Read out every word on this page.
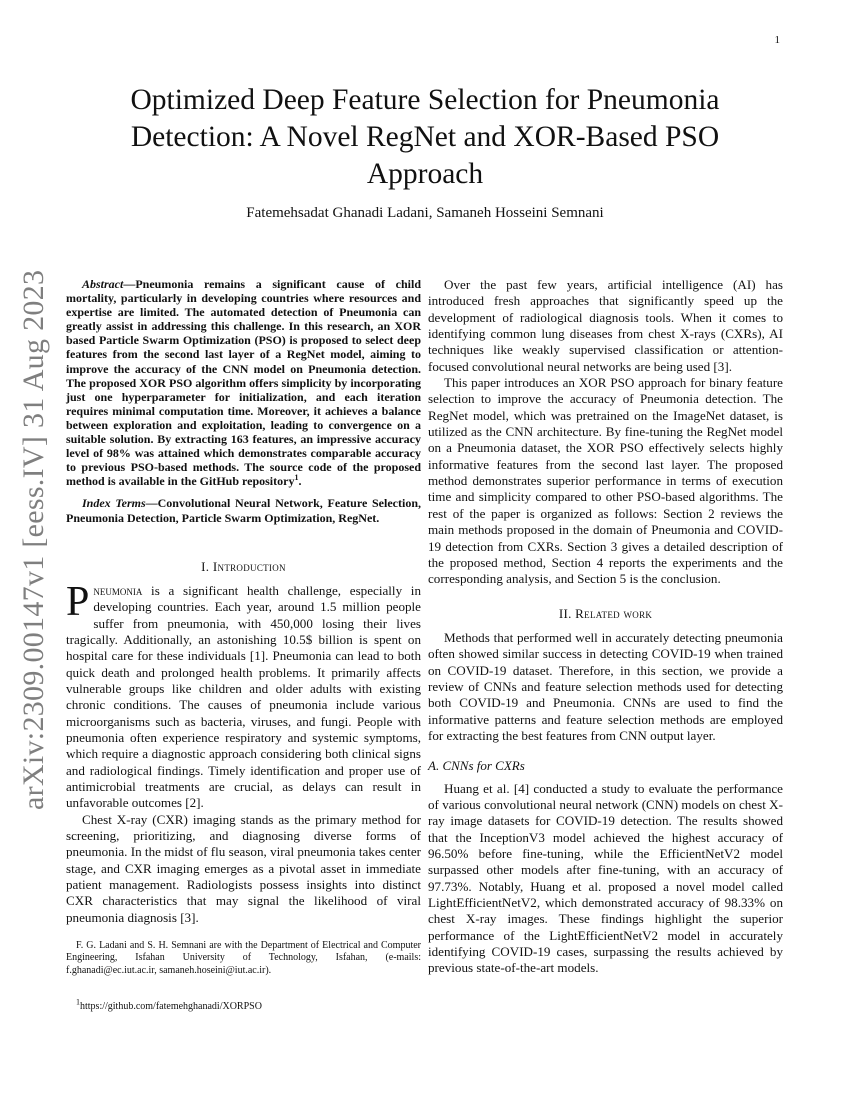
1
arXiv:2309.00147v1 [eess.IV] 31 Aug 2023
Optimized Deep Feature Selection for Pneumonia Detection: A Novel RegNet and XOR-Based PSO Approach
Fatemehsadat Ghanadi Ladani, Samaneh Hosseini Semnani

Abstract—Pneumonia remains a significant cause of child mortality, particularly in developing countries where resources and expertise are limited. The automated detection of Pneumonia can greatly assist in addressing this challenge. In this research, an XOR based Particle Swarm Optimization (PSO) is proposed to select deep features from the second last layer of a RegNet model, aiming to improve the accuracy of the CNN model on Pneumonia detection. The proposed XOR PSO algorithm offers simplicity by incorporating just one hyperparameter for initialization, and each iteration requires minimal computation time. Moreover, it achieves a balance between exploration and exploitation, leading to convergence on a suitable solution. By extracting 163 features, an impressive accuracy level of 98% was attained which demonstrates comparable accuracy to previous PSO-based methods. The source code of the proposed method is available in the GitHub repository$^1$.

Index Terms—Convolutional Neural Network, Feature Selection, Pneumonia Detection, Particle Swarm Optimization, RegNet.

I. Introduction

Pneumonia is a significant health challenge, especially in developing countries. Each year, around 1.5 million people suffer from pneumonia, with 450,000 losing their lives tragically. Additionally, an astonishing 10.5$ billion is spent on hospital care for these individuals [1]. Pneumonia can lead to both quick death and prolonged health problems. It primarily affects vulnerable groups like children and older adults with existing chronic conditions. The causes of pneumonia include various microorganisms such as bacteria, viruses, and fungi. People with pneumonia often experience respiratory and systemic symptoms, which require a diagnostic approach considering both clinical signs and radiological findings. Timely identification and proper use of antimicrobial treatments are crucial, as delays can result in unfavorable outcomes [2].

Chest X-ray (CXR) imaging stands as the primary method for screening, prioritizing, and diagnosing diverse forms of pneumonia. In the midst of flu season, viral pneumonia takes center stage, and CXR imaging emerges as a pivotal asset in immediate patient management. Radiologists possess insights into distinct CXR characteristics that may signal the likelihood of viral pneumonia diagnosis [3].

F. G. Ladani and S. H. Semnani are with the Department of Electrical and Computer Engineering, Isfahan University of Technology, Isfahan, (e-mails: f.ghanadi@ec.iut.ac.ir, samaneh.hoseini@iut.ac.ir).

$^1$https://github.com/fatemehghanadi/XORPSO

Over the past few years, artificial intelligence (AI) has introduced fresh approaches that significantly speed up the development of radiological diagnosis tools. When it comes to identifying common lung diseases from chest X-rays (CXRs), AI techniques like weakly supervised classification or attention-focused convolutional neural networks are being used [3].

This paper introduces an XOR PSO approach for binary feature selection to improve the accuracy of Pneumonia detection. The RegNet model, which was pretrained on the ImageNet dataset, is utilized as the CNN architecture. By fine-tuning the RegNet model on a Pneumonia dataset, the XOR PSO effectively selects highly informative features from the second last layer. The proposed method demonstrates superior performance in terms of execution time and simplicity compared to other PSO-based algorithms. The rest of the paper is organized as follows: Section 2 reviews the main methods proposed in the domain of Pneumonia and COVID-19 detection from CXRs. Section 3 gives a detailed description of the proposed method, Section 4 reports the experiments and the corresponding analysis, and Section 5 is the conclusion.

II. Related work

Methods that performed well in accurately detecting pneumonia often showed similar success in detecting COVID-19 when trained on COVID-19 dataset. Therefore, in this section, we provide a review of CNNs and feature selection methods used for detecting both COVID-19 and Pneumonia. CNNs are used to find the informative patterns and feature selection methods are employed for extracting the best features from CNN output layer.

A. CNNs for CXRs

Huang et al. [4] conducted a study to evaluate the performance of various convolutional neural network (CNN) models on chest X-ray image datasets for COVID-19 detection. The results showed that the InceptionV3 model achieved the highest accuracy of 96.50% before fine-tuning, while the EfficientNetV2 model surpassed other models after fine-tuning, with an accuracy of 97.73%. Notably, Huang et al. proposed a novel model called LightEfficientNetV2, which demonstrated accuracy of 98.33% on chest X-ray images. These findings highlight the superior performance of the LightEfficientNetV2 model in accurately identifying COVID-19 cases, surpassing the results achieved by previous state-of-the-art models.
